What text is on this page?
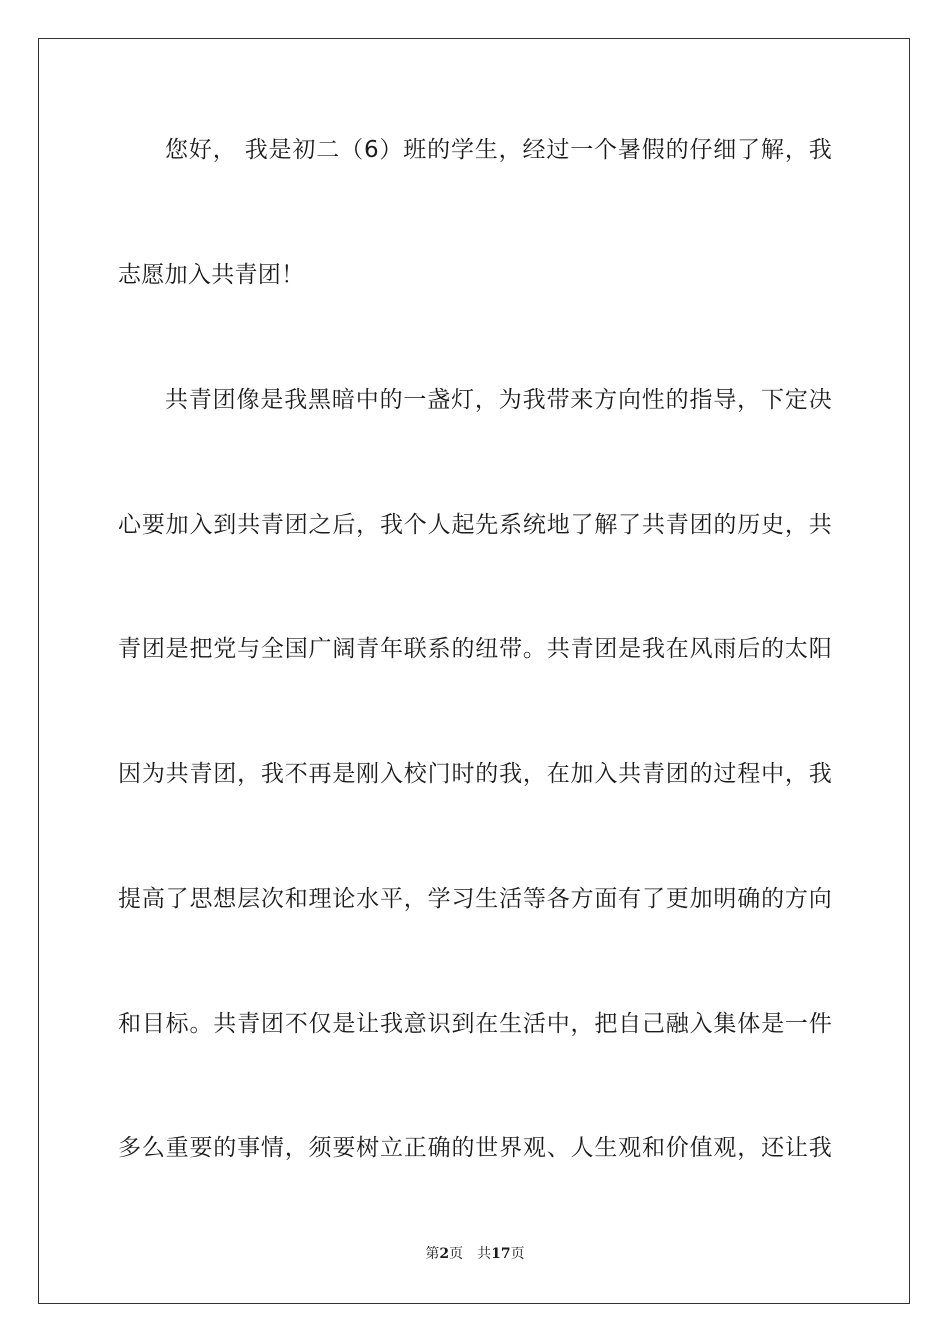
您好， 我是初二（6）班的学生，经过一个暑假的仔细了解，我
志愿加入共青团！
共青团像是我黑暗中的一盏灯，为我带来方向性的指导，下定决
心要加入到共青团之后，我个人起先系统地了解了共青团的历史，共
青团是把党与全国广阔青年联系的纽带。共青团是我在风雨后的太阳
因为共青团，我不再是刚入校门时的我，在加入共青团的过程中，我
提高了思想层次和理论水平，学习生活等各方面有了更加明确的方向
和目标。共青团不仅是让我意识到在生活中，把自己融入集体是一件
多么重要的事情，须要树立正确的世界观、人生观和价值观，还让我
第2页 共17页
